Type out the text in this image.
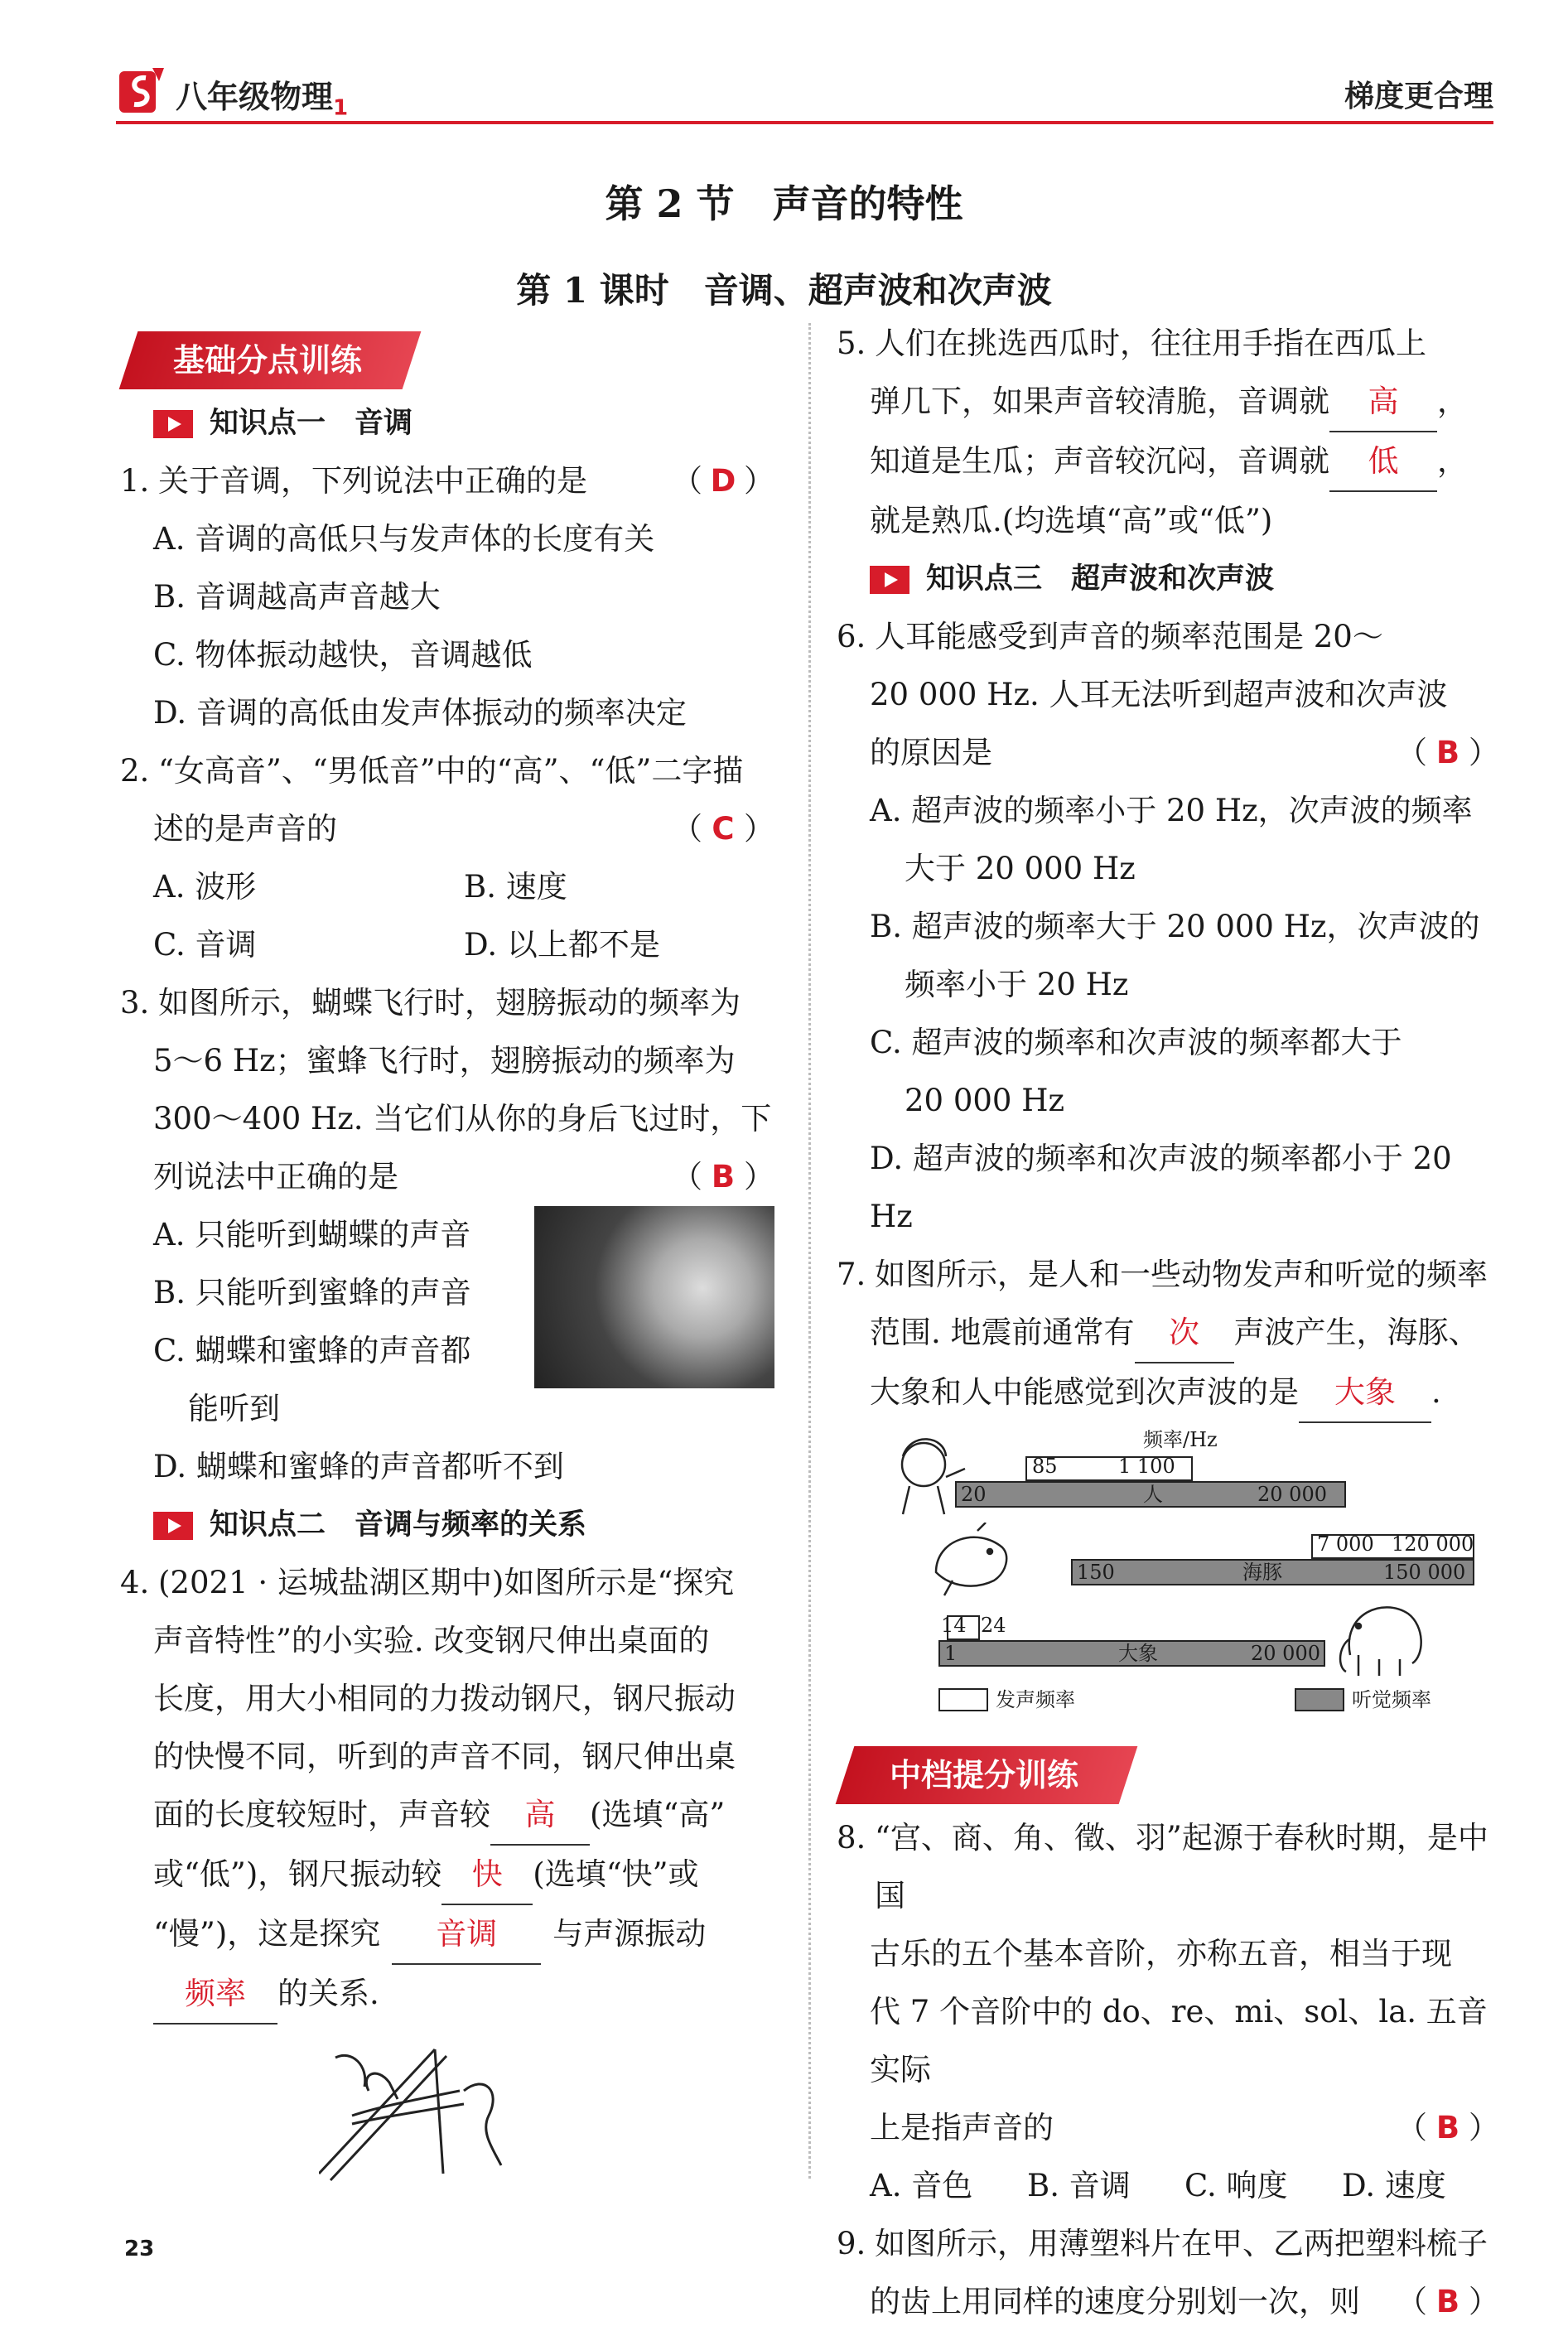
八年级物理$_1$	梯度更合理
第 2 节　声音的特性
第 1 课时　音调、超声波和次声波
基础分点训练
知识点一　音调
1. 关于音调，下列说法中正确的是	（ D ）
A. 音调的高低只与发声体的长度有关
B. 音调越高声音越大
C. 物体振动越快，音调越低
D. 音调的高低由发声体振动的频率决定
2. “女高音”、“男低音”中的“高”、“低”二字描
述的是声音的	（ C ）
A. 波形	B. 速度
C. 音调	D. 以上都不是
3. 如图所示，蝴蝶飞行时，翅膀振动的频率为
5～6 Hz；蜜蜂飞行时，翅膀振动的频率为
300～400 Hz. 当它们从你的身后飞过时，下
列说法中正确的是	（ B ）
A. 只能听到蝴蝶的声音
B. 只能听到蜜蜂的声音
C. 蝴蝶和蜜蜂的声音都
能听到
D. 蝴蝶和蜜蜂的声音都听不到
知识点二　音调与频率的关系
4. (2021 · 运城盐湖区期中)如图所示是“探究
声音特性”的小实验. 改变钢尺伸出桌面的
长度，用大小相同的力拨动钢尺，钢尺振动
的快慢不同，听到的声音不同，钢尺伸出桌
面的长度较短时，声音较 高 (选填“高”
或“低”)，钢尺振动较 快 (选填“快”或
“慢”)，这是探究 音调 与声源振动
频率 的关系.
5. 人们在挑选西瓜时，往往用手指在西瓜上
弹几下，如果声音较清脆，音调就 高 ，
知道是生瓜；声音较沉闷，音调就 低 ，
就是熟瓜.(均选填“高”或“低”)
知识点三　超声波和次声波
6. 人耳能感受到声音的频率范围是 20～
20 000 Hz. 人耳无法听到超声波和次声波
的原因是	（ B ）
A. 超声波的频率小于 20 Hz，次声波的频率
大于 20 000 Hz
B. 超声波的频率大于 20 000 Hz，次声波的
频率小于 20 Hz
C. 超声波的频率和次声波的频率都大于
20 000 Hz
D. 超声波的频率和次声波的频率都小于 20 Hz
7. 如图所示，是人和一些动物发声和听觉的频率
范围. 地震前通常有 次 声波产生，海豚、
大象和人中能感觉到次声波的是 大象 .
频率/Hz
85	1 100
20	人	20 000
7 000 120 000
150	海豚	150 000
14 24
1	大象	20 000
发声频率	听觉频率
中档提分训练
8. “宫、商、角、徵、羽”起源于春秋时期，是中国
古乐的五个基本音阶，亦称五音，相当于现
代 7 个音阶中的 do、re、mi、sol、la. 五音实际
上是指声音的	（ B ）
A. 音色	B. 音调	C. 响度	D. 速度
9. 如图所示，用薄塑料片在甲、乙两把塑料梳子
的齿上用同样的速度分别划一次，则 （ B ）
23
